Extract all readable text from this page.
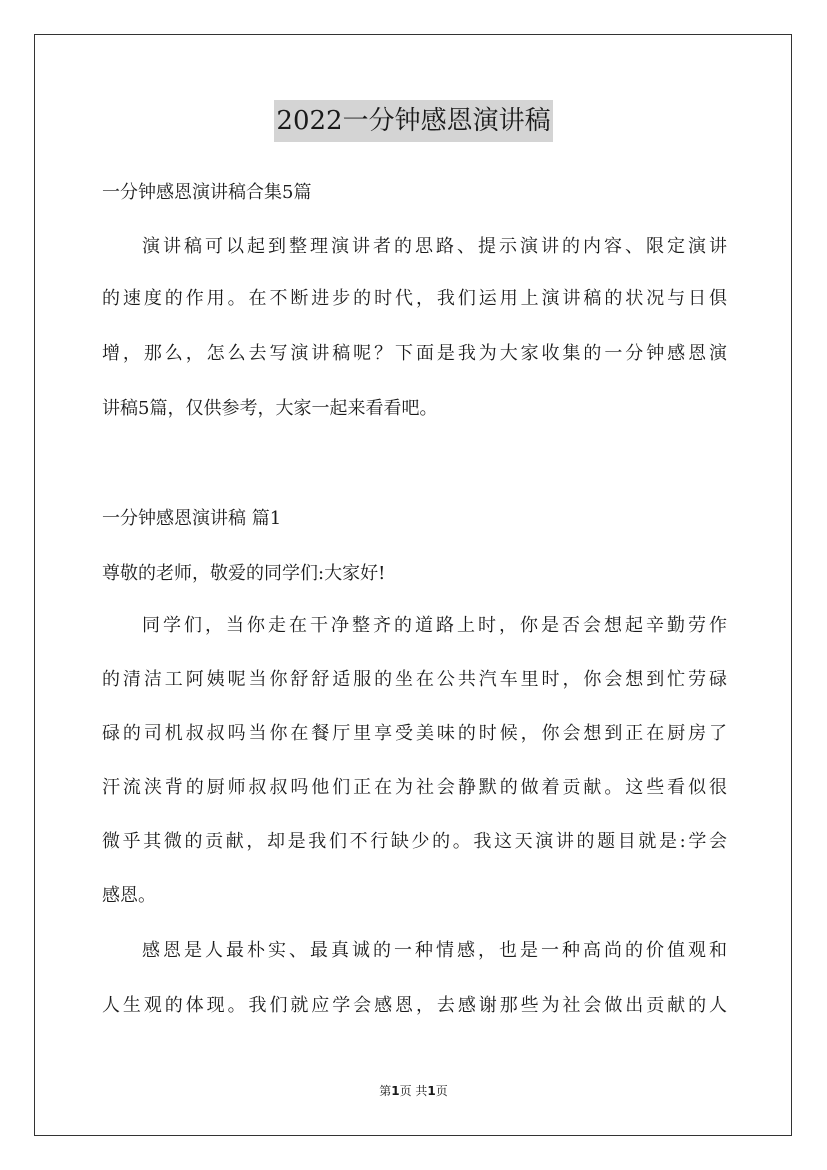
2022一分钟感恩演讲稿
一分钟感恩演讲稿合集5篇
演讲稿可以起到整理演讲者的思路、提示演讲的内容、限定演讲
的速度的作用。在不断进步的时代，我们运用上演讲稿的状况与日俱
增，那么，怎么去写演讲稿呢？下面是我为大家收集的一分钟感恩演
讲稿5篇，仅供参考，大家一起来看看吧。
一分钟感恩演讲稿 篇1
尊敬的老师，敬爱的同学们:大家好!
同学们，当你走在干净整齐的道路上时，你是否会想起辛勤劳作
的清洁工阿姨呢当你舒舒适服的坐在公共汽车里时，你会想到忙劳碌
碌的司机叔叔吗当你在餐厅里享受美味的时候，你会想到正在厨房了
汗流浃背的厨师叔叔吗他们正在为社会静默的做着贡献。这些看似很
微乎其微的贡献，却是我们不行缺少的。我这天演讲的题目就是:学会
感恩。
感恩是人最朴实、最真诚的一种情感，也是一种高尚的价值观和
人生观的体现。我们就应学会感恩，去感谢那些为社会做出贡献的人
第1页 共1页
